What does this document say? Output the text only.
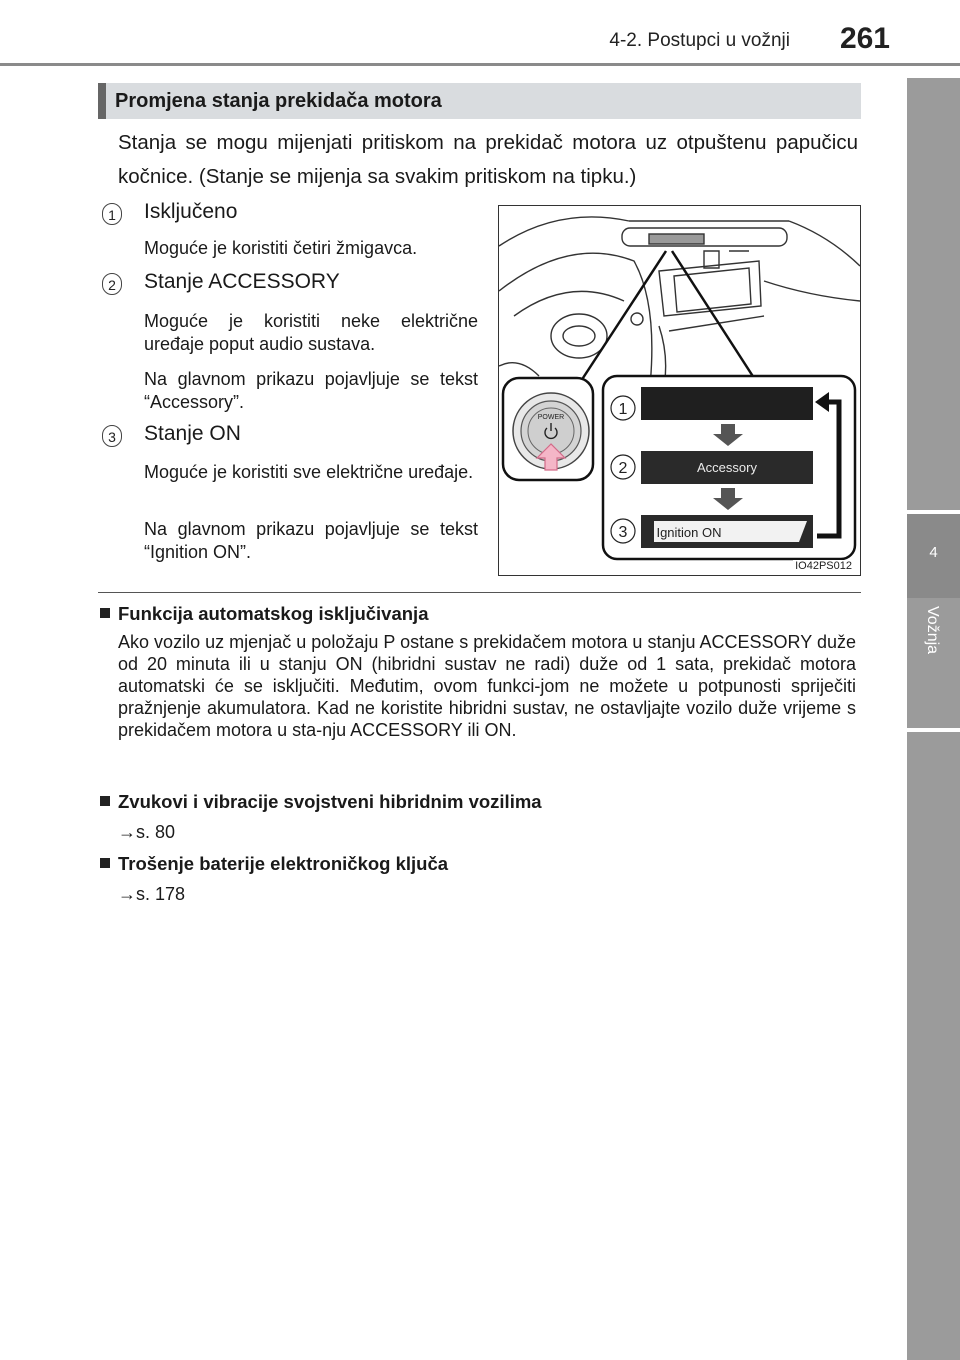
4-2. Postupci u vožnji 261
4
Vožnja
Promjena stanja prekidača motora
Stanja se mogu mijenjati pritiskom na prekidač motora uz otpuštenu papučicu kočnice. (Stanje se mijenja sa svakim pritiskom na tipku.)
1 Isključeno
Moguće je koristiti četiri žmigavca.
2 Stanje ACCESSORY
Moguće je koristiti neke električne uređaje poput audio sustava.
Na glavnom prikazu pojavljuje se tekst “Accessory”.
3 Stanje ON
Moguće je koristiti sve električne uređaje.
Na glavnom prikazu pojavljuje se tekst “Ignition ON”.
POWER	1
2
3
Accessory
Ignition ON
IO42PS012
Funkcija automatskog isključivanja
Ako vozilo uz mjenjač u položaju P ostane s prekidačem motora u stanju ACCESSORY duže od 20 minuta ili u stanju ON (hibridni sustav ne radi) duže od 1 sata, prekidač motora automatski će se isključiti. Međutim, ovom funkci-jom ne možete u potpunosti spriječiti pražnjenje akumulatora. Kad ne koristite hibridni sustav, ne ostavljajte vozilo duže vrijeme s prekidačem motora u sta-nju ACCESSORY ili ON.
Zvukovi i vibracije svojstveni hibridnim vozilima
→s. 80
Trošenje baterije elektroničkog ključa
→s. 178
